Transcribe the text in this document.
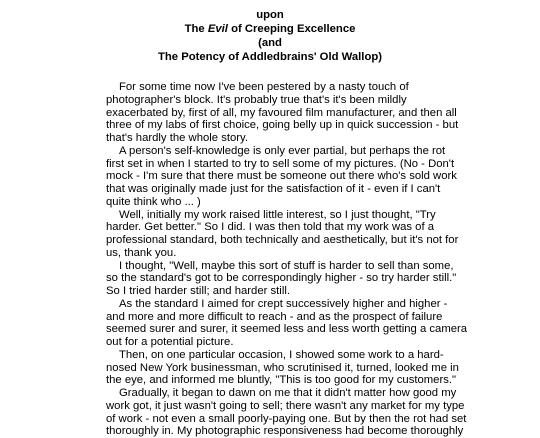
upon
The Evil of Creeping Excellence
(and
The Potency of Addledbrains' Old Wallop)
For some time now I've been pestered by a nasty touch of
photographer's block. It's probably true that's it's been mildly
exacerbated by, first of all, my favoured film manufacturer, and then all
three of my labs of first choice, going belly up in quick succession - but
that's hardly the whole story.
A person's self-knowledge is only ever partial, but perhaps the rot
first set in when I started to try to sell some of my pictures. (No - Don't
mock - I'm sure that there must be someone out there who's sold work
that was originally made just for the satisfaction of it - even if I can't
quite think who ... )
Well, initially my work raised little interest, so I just thought, "Try
harder. Get better." So I did. I was then told that my work was of a
professional standard, both technically and aesthetically, but it's not for
us, thank you.
I thought, "Well, maybe this sort of stuff is harder to sell than some,
so the standard's got to be correspondingly higher - so try harder still."
So I tried harder still; and harder still.
As the standard I aimed for crept successively higher and higher -
and more and more difficult to reach - and as the prospect of failure
seemed surer and surer, it seemed less and less worth getting a camera
out for a potential picture.
Then, on one particular occasion, I showed some work to a hard-
nosed New York businessman, who scrutinised it, turned, looked me in
the eye, and informed me bluntly, "This is too good for my customers."
Gradually, it began to dawn on me that it didn't matter how good my
work got, it just wasn't going to sell; there wasn't any market for my type
of work - not even a small poorly-paying one. But by then the rot had set
thoroughly in. My photographic responsiveness had become thoroughly
